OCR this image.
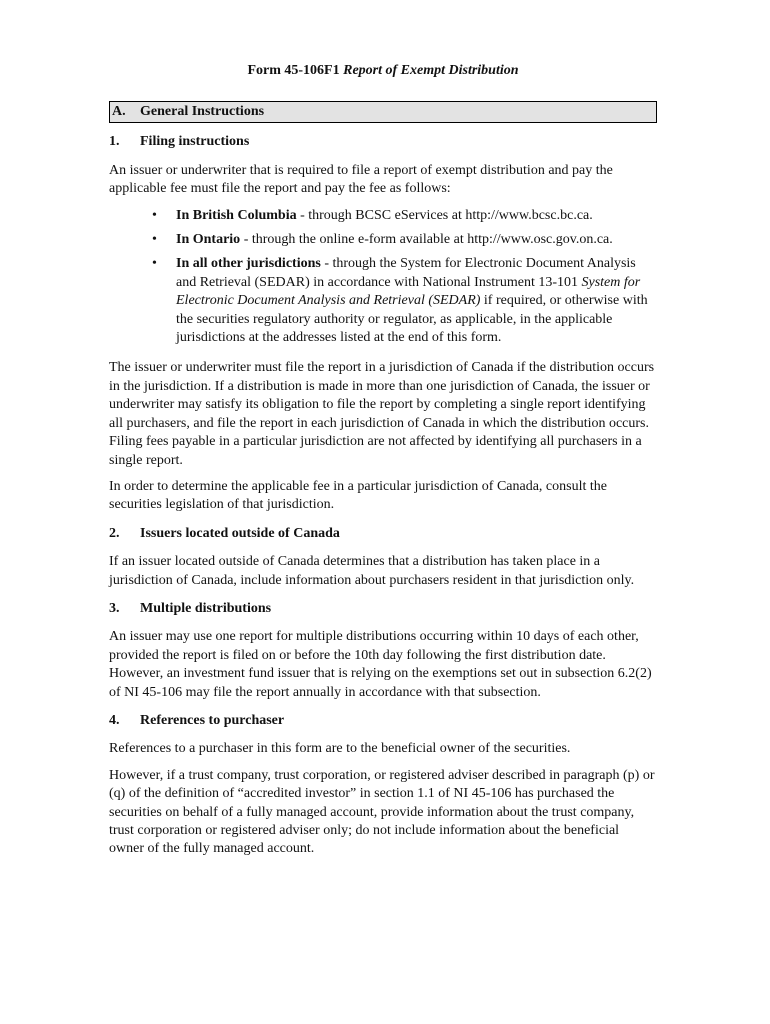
Form 45-106F1 Report of Exempt Distribution
A. General Instructions
1. Filing instructions

An issuer or underwriter that is required to file a report of exempt distribution and pay the applicable fee must file the report and pay the fee as follows:

• In British Columbia - through BCSC eServices at http://www.bcsc.bc.ca.
• In Ontario - through the online e-form available at http://www.osc.gov.on.ca.
• In all other jurisdictions - through the System for Electronic Document Analysis and Retrieval (SEDAR) in accordance with National Instrument 13-101 System for Electronic Document Analysis and Retrieval (SEDAR) if required, or otherwise with the securities regulatory authority or regulator, as applicable, in the applicable jurisdictions at the addresses listed at the end of this form.

The issuer or underwriter must file the report in a jurisdiction of Canada if the distribution occurs in the jurisdiction. If a distribution is made in more than one jurisdiction of Canada, the issuer or underwriter may satisfy its obligation to file the report by completing a single report identifying all purchasers, and file the report in each jurisdiction of Canada in which the distribution occurs. Filing fees payable in a particular jurisdiction are not affected by identifying all purchasers in a single report.

In order to determine the applicable fee in a particular jurisdiction of Canada, consult the securities legislation of that jurisdiction.

2. Issuers located outside of Canada

If an issuer located outside of Canada determines that a distribution has taken place in a jurisdiction of Canada, include information about purchasers resident in that jurisdiction only.

3. Multiple distributions

An issuer may use one report for multiple distributions occurring within 10 days of each other, provided the report is filed on or before the 10th day following the first distribution date. However, an investment fund issuer that is relying on the exemptions set out in subsection 6.2(2) of NI 45-106 may file the report annually in accordance with that subsection.

4. References to purchaser

References to a purchaser in this form are to the beneficial owner of the securities.

However, if a trust company, trust corporation, or registered adviser described in paragraph (p) or (q) of the definition of “accredited investor” in section 1.1 of NI 45-106 has purchased the securities on behalf of a fully managed account, provide information about the trust company, trust corporation or registered adviser only; do not include information about the beneficial owner of the fully managed account.
